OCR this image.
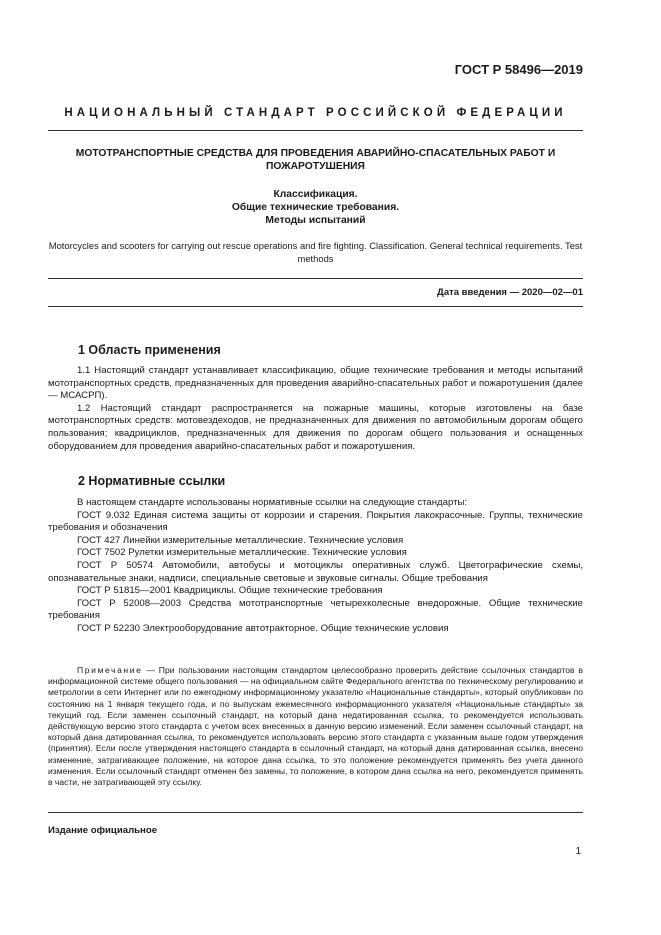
ГОСТ Р 58496—2019
НАЦИОНАЛЬНЫЙ СТАНДАРТ РОССИЙСКОЙ ФЕДЕРАЦИИ
МОТОТРАНСПОРТНЫЕ СРЕДСТВА ДЛЯ ПРОВЕДЕНИЯ АВАРИЙНО-СПАСАТЕЛЬНЫХ РАБОТ И ПОЖАРОТУШЕНИЯ
Классификация.
Общие технические требования.
Методы испытаний
Motorcycles and scooters for carrying out rescue operations and fire fighting. Classification. General technical requirements. Test methods
Дата введения — 2020—02—01
1 Область применения

1.1 Настоящий стандарт устанавливает классификацию, общие технические требования и методы испытаний мототранспортных средств, предназначенных для проведения аварийно-спасательных работ и пожаротушения (далее — МСАСРП).

1.2 Настоящий стандарт распространяется на пожарные машины, которые изготовлены на базе мототранспортных средств: мотовездеходов, не предназначенных для движения по автомобильным дорогам общего пользования; квадрициклов, предназначенных для движения по дорогам общего пользования и оснащенных оборудованием для проведения аварийно-спасательных работ и пожаротушения.

2 Нормативные ссылки

В настоящем стандарте использованы нормативные ссылки на следующие стандарты:

ГОСТ 9.032 Единая система защиты от коррозии и старения. Покрытия лакокрасочные. Группы, технические требования и обозначения

ГОСТ 427 Линейки измерительные металлические. Технические условия

ГОСТ 7502 Рулетки измерительные металлические. Технические условия

ГОСТ Р 50574 Автомобили, автобусы и мотоциклы оперативных служб. Цветографические схемы, опознавательные знаки, надписи, специальные световые и звуковые сигналы. Общие требования

ГОСТ Р 51815—2001 Квадрициклы. Общие технические требования

ГОСТ Р 52008—2003 Средства мототранспортные четырехколесные внедорожные. Общие технические требования

ГОСТ Р 52230 Электрооборудование автотракторное. Общие технические условия

Примечание — При пользовании настоящим стандартом целесообразно проверить действие ссылочных стандартов в информационной системе общего пользования — на официальном сайте Федерального агентства по техническому регулированию и метрологии в сети Интернет или по ежегодному информационному указателю «Национальные стандарты», который опубликован по состоянию на 1 января текущего года, и по выпускам ежемесячного информационного указателя «Национальные стандарты» за текущий год. Если заменен ссылочный стандарт, на который дана недатированная ссылка, то рекомендуется использовать действующую версию этого стандарта с учетом всех внесенных в данную версию изменений. Если заменен ссылочный стандарт, на который дана датированная ссылка, то рекомендуется использовать версию этого стандарта с указанным выше годом утверждения (принятия). Если после утверждения настоящего стандарта в ссылочный стандарт, на который дана датированная ссылка, внесено изменение, затрагивающее положение, на которое дана ссылка, то это положение рекомендуется применять без учета данного изменения. Если ссылочный стандарт отменен без замены, то положение, в котором дана ссылка на него, рекомендуется применять в части, не затрагивающей эту ссылку.
Издание официальное
1
